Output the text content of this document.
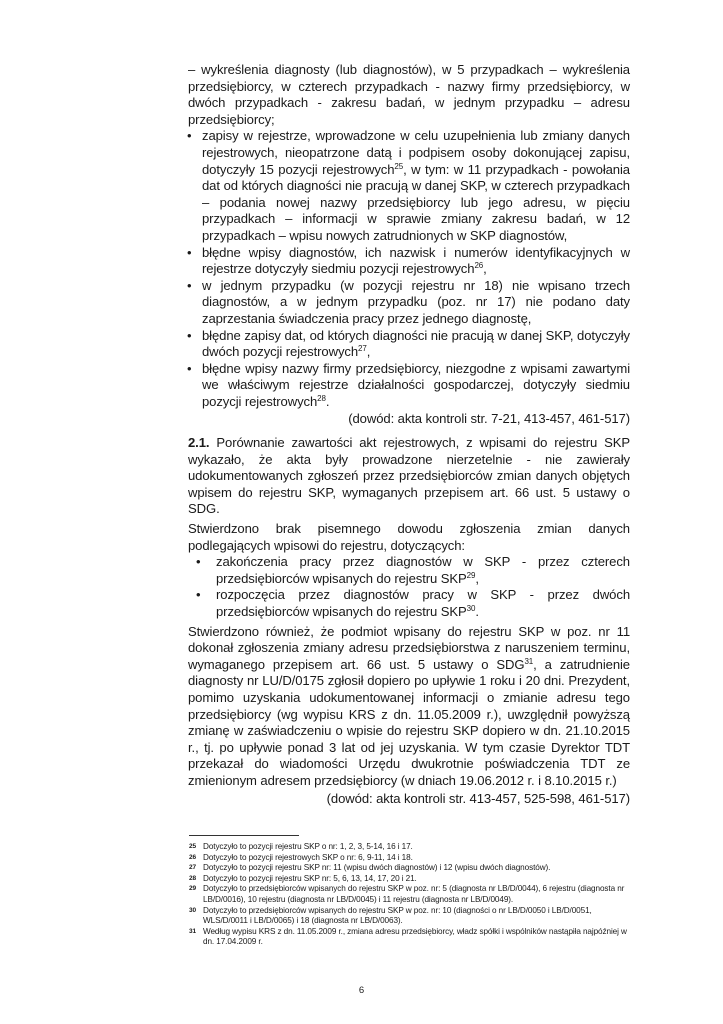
– wykreślenia diagnosty (lub diagnostów), w 5 przypadkach – wykreślenia przedsiębiorcy, w czterech przypadkach - nazwy firmy przedsiębiorcy, w dwóch przypadkach - zakresu badań, w jednym przypadku – adresu przedsiębiorcy;

• zapisy w rejestrze, wprowadzone w celu uzupełnienia lub zmiany danych rejestrowych, nieopatrzone datą i podpisem osoby dokonującej zapisu, dotyczyły 15 pozycji rejestrowych$^{25}$, w tym: w 11 przypadkach - powołania dat od których diagności nie pracują w danej SKP, w czterech przypadkach – podania nowej nazwy przedsiębiorcy lub jego adresu, w pięciu przypadkach – informacji w sprawie zmiany zakresu badań, w 12 przypadkach – wpisu nowych zatrudnionych w SKP diagnostów,
• błędne wpisy diagnostów, ich nazwisk i numerów identyfikacyjnych w rejestrze dotyczyły siedmiu pozycji rejestrowych$^{26}$,
• w jednym przypadku (w pozycji rejestru nr 18) nie wpisano trzech diagnostów, a w jednym przypadku (poz. nr 17) nie podano daty zaprzestania świadczenia pracy przez jednego diagnostę,
• błędne zapisy dat, od których diagności nie pracują w danej SKP, dotyczyły dwóch pozycji rejestrowych$^{27}$,
• błędne wpisy nazwy firmy przedsiębiorcy, niezgodne z wpisami zawartymi we właściwym rejestrze działalności gospodarczej, dotyczyły siedmiu pozycji rejestrowych$^{28}$.

(dowód: akta kontroli str. 7-21, 413-457, 461-517)

2.1. Porównanie zawartości akt rejestrowych, z wpisami do rejestru SKP wykazało, że akta były prowadzone nierzetelnie - nie zawierały udokumentowanych zgłoszeń przez przedsiębiorców zmian danych objętych wpisem do rejestru SKP, wymaganych przepisem art. 66 ust. 5 ustawy o SDG.

Stwierdzono brak pisemnego dowodu zgłoszenia zmian danych podlegających wpisowi do rejestru, dotyczących:

• zakończenia pracy przez diagnostów w SKP - przez czterech przedsiębiorców wpisanych do rejestru SKP$^{29}$,
• rozpoczęcia przez diagnostów pracy w SKP - przez dwóch przedsiębiorców wpisanych do rejestru SKP$^{30}$.

Stwierdzono również, że podmiot wpisany do rejestru SKP w poz. nr 11 dokonał zgłoszenia zmiany adresu przedsiębiorstwa z naruszeniem terminu, wymaganego przepisem art. 66 ust. 5 ustawy o SDG$^{31}$, a zatrudnienie diagnosty nr LU/D/0175 zgłosił dopiero po upływie 1 roku i 20 dni. Prezydent, pomimo uzyskania udokumentowanej informacji o zmianie adresu tego przedsiębiorcy (wg wypisu KRS z dn. 11.05.2009 r.), uwzględnił powyższą zmianę w zaświadczeniu o wpisie do rejestru SKP dopiero w dn. 21.10.2015 r., tj. po upływie ponad 3 lat od jej uzyskania. W tym czasie Dyrektor TDT przekazał do wiadomości Urzędu dwukrotnie poświadczenia TDT ze zmienionym adresem przedsiębiorcy (w dniach 19.06.2012 r. i 8.10.2015 r.)

(dowód: akta kontroli str. 413-457, 525-598, 461-517)

25 Dotyczyło to pozycji rejestru SKP o nr: 1, 2, 3, 5-14, 16 i 17.
26 Dotyczyło to pozycji rejestrowych SKP o nr: 6, 9-11, 14 i 18.
27 Dotyczyło to pozycji rejestru SKP nr: 11 (wpisu dwóch diagnostów) i 12 (wpisu dwóch diagnostów).
28 Dotyczyło to pozycji rejestru SKP nr: 5, 6, 13, 14, 17, 20 i 21.
29 Dotyczyło to przedsiębiorców wpisanych do rejestru SKP w poz. nr: 5 (diagnosta nr LB/D/0044), 6 rejestru (diagnosta nr LB/D/0016), 10 rejestru (diagnosta nr LB/D/0045) i 11 rejestru (diagnosta nr LB/D/0049).
30 Dotyczyło to przedsiębiorców wpisanych do rejestru SKP w poz. nr: 10 (diagności o nr LB/D/0050 i LB/D/0051, WLS/D/0011 i LB/D/0065) i 18 (diagnosta nr LB/D/0063).
31 Według wypisu KRS z dn. 11.05.2009 r., zmiana adresu przedsiębiorcy, władz spółki i wspólników nastąpiła najpóźniej w dn. 17.04.2009 r.
6
